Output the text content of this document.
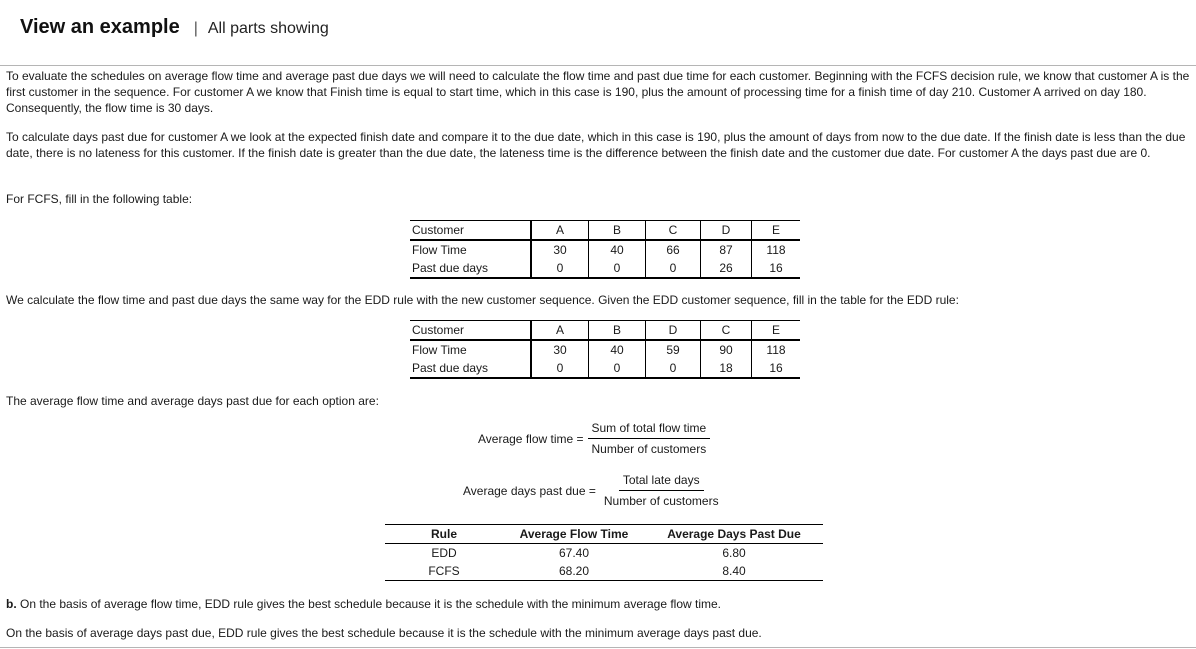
View an example | All parts showing
To evaluate the schedules on average flow time and average past due days we will need to calculate the flow time and past due time for each customer. Beginning with the FCFS decision rule, we know that customer A is the first customer in the sequence. For customer A we know that Finish time is equal to start time, which in this case is 190, plus the amount of processing time for a finish time of day 210. Customer A arrived on day 180. Consequently, the flow time is 30 days.
To calculate days past due for customer A we look at the expected finish date and compare it to the due date, which in this case is 190, plus the amount of days from now to the due date. If the finish date is less than the due date, there is no lateness for this customer. If the finish date is greater than the due date, the lateness time is the difference between the finish date and the customer due date. For customer A the days past due are 0.
For FCFS, fill in the following table:
Customer	A	B	C	D	E
Flow Time	30	40	66	87	118
Past due days	0	0	0	26	16
We calculate the flow time and past due days the same way for the EDD rule with the new customer sequence. Given the EDD customer sequence, fill in the table for the EDD rule:
Customer	A	B	D	C	E
Flow Time	30	40	59	90	118
Past due days	0	0	0	18	16
The average flow time and average days past due for each option are:
Average flow time = $\frac{\text{Sum of total flow time}}{\text{Number of customers}}$
Average days past due = $\frac{\text{Total late days}}{\text{Number of customers}}$
Rule	Average Flow Time	Average Days Past Due
EDD	67.40	6.80
FCFS	68.20	8.40
b. On the basis of average flow time, EDD rule gives the best schedule because it is the schedule with the minimum average flow time.
On the basis of average days past due, EDD rule gives the best schedule because it is the schedule with the minimum average days past due.
